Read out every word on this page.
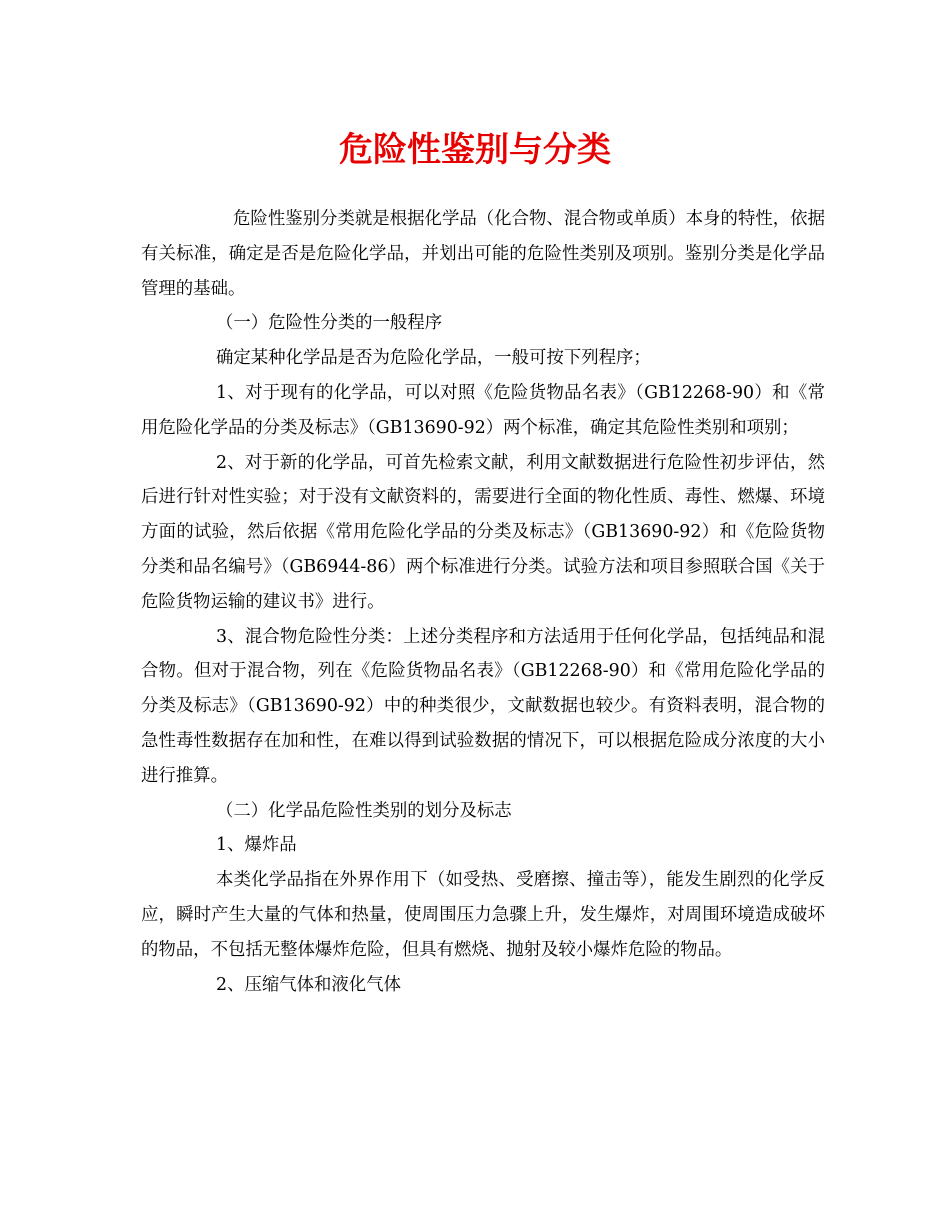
危险性鉴别与分类

危险性鉴别分类就是根据化学品（化合物、混合物或单质）本身的特性，依据有关标准，确定是否是危险化学品，并划出可能的危险性类别及项别。鉴别分类是化学品管理的基础。

（一）危险性分类的一般程序

确定某种化学品是否为危险化学品，一般可按下列程序；

1、对于现有的化学品，可以对照《危险货物品名表》（GB12268-90）和《常用危险化学品的分类及标志》（GB13690-92）两个标准，确定其危险性类别和项别；

2、对于新的化学品，可首先检索文献，利用文献数据进行危险性初步评估，然后进行针对性实验；对于没有文献资料的，需要进行全面的物化性质、毒性、燃爆、环境方面的试验，然后依据《常用危险化学品的分类及标志》（GB13690-92）和《危险货物分类和品名编号》（GB6944-86）两个标准进行分类。试验方法和项目参照联合国《关于危险货物运输的建议书》进行。

3、混合物危险性分类：上述分类程序和方法适用于任何化学品，包括纯品和混合物。但对于混合物，列在《危险货物品名表》（GB12268-90）和《常用危险化学品的分类及标志》（GB13690-92）中的种类很少，文献数据也较少。有资料表明，混合物的急性毒性数据存在加和性，在难以得到试验数据的情况下，可以根据危险成分浓度的大小进行推算。

（二）化学品危险性类别的划分及标志

1、爆炸品

本类化学品指在外界作用下（如受热、受磨擦、撞击等），能发生剧烈的化学反应，瞬时产生大量的气体和热量，使周围压力急骤上升，发生爆炸，对周围环境造成破坏的物品，不包括无整体爆炸危险，但具有燃烧、抛射及较小爆炸危险的物品。

2、压缩气体和液化气体
